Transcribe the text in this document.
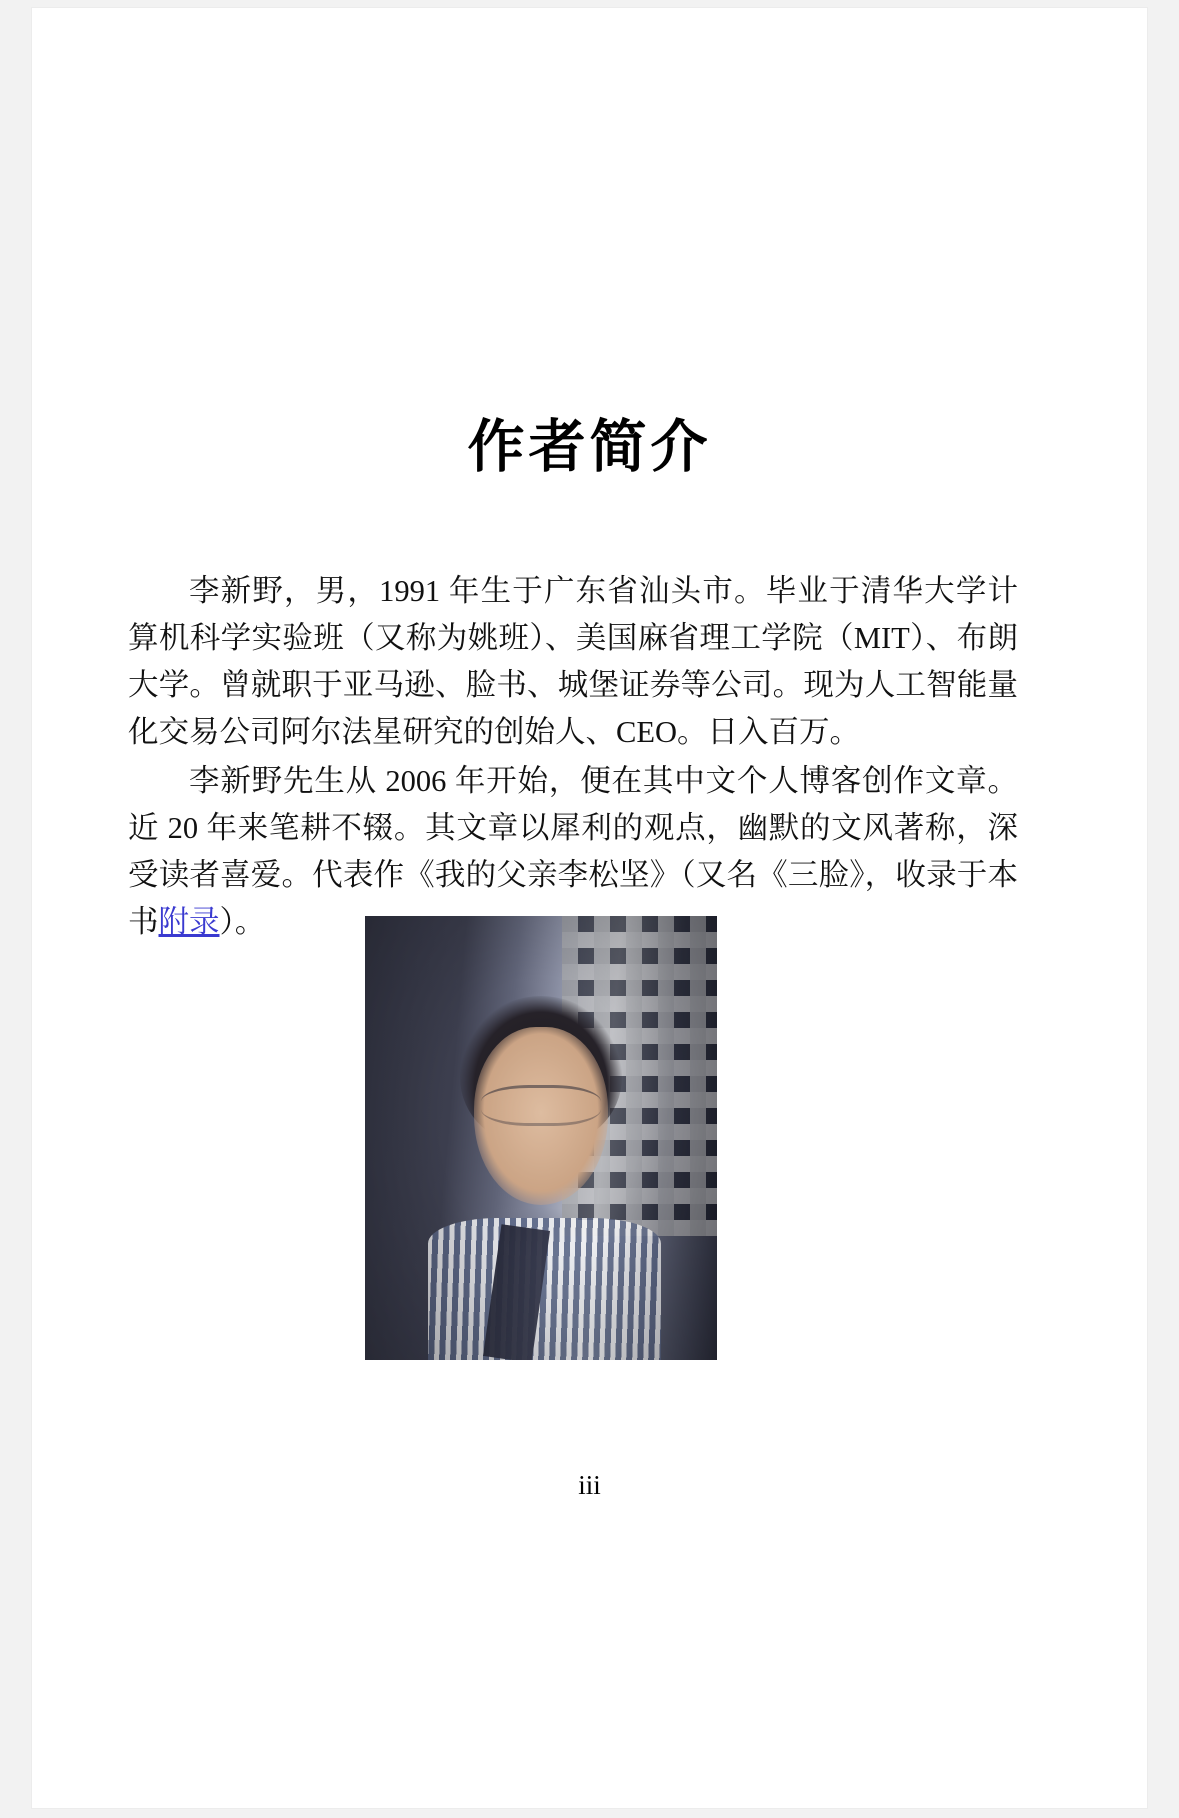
作者简介

李新野，男，1991 年生于广东省汕头市。毕业于清华大学计算机科学实验班（又称为姚班）、美国麻省理工学院（MIT）、布朗大学。曾就职于亚马逊、脸书、城堡证券等公司。现为人工智能量化交易公司阿尔法星研究的创始人、CEO。日入百万。

李新野先生从 2006 年开始，便在其中文个人博客创作文章。近 20 年来笔耕不辍。其文章以犀利的观点，幽默的文风著称，深受读者喜爱。代表作《我的父亲李松坚》（又名《三脸》，收录于本书附录）。

iii
